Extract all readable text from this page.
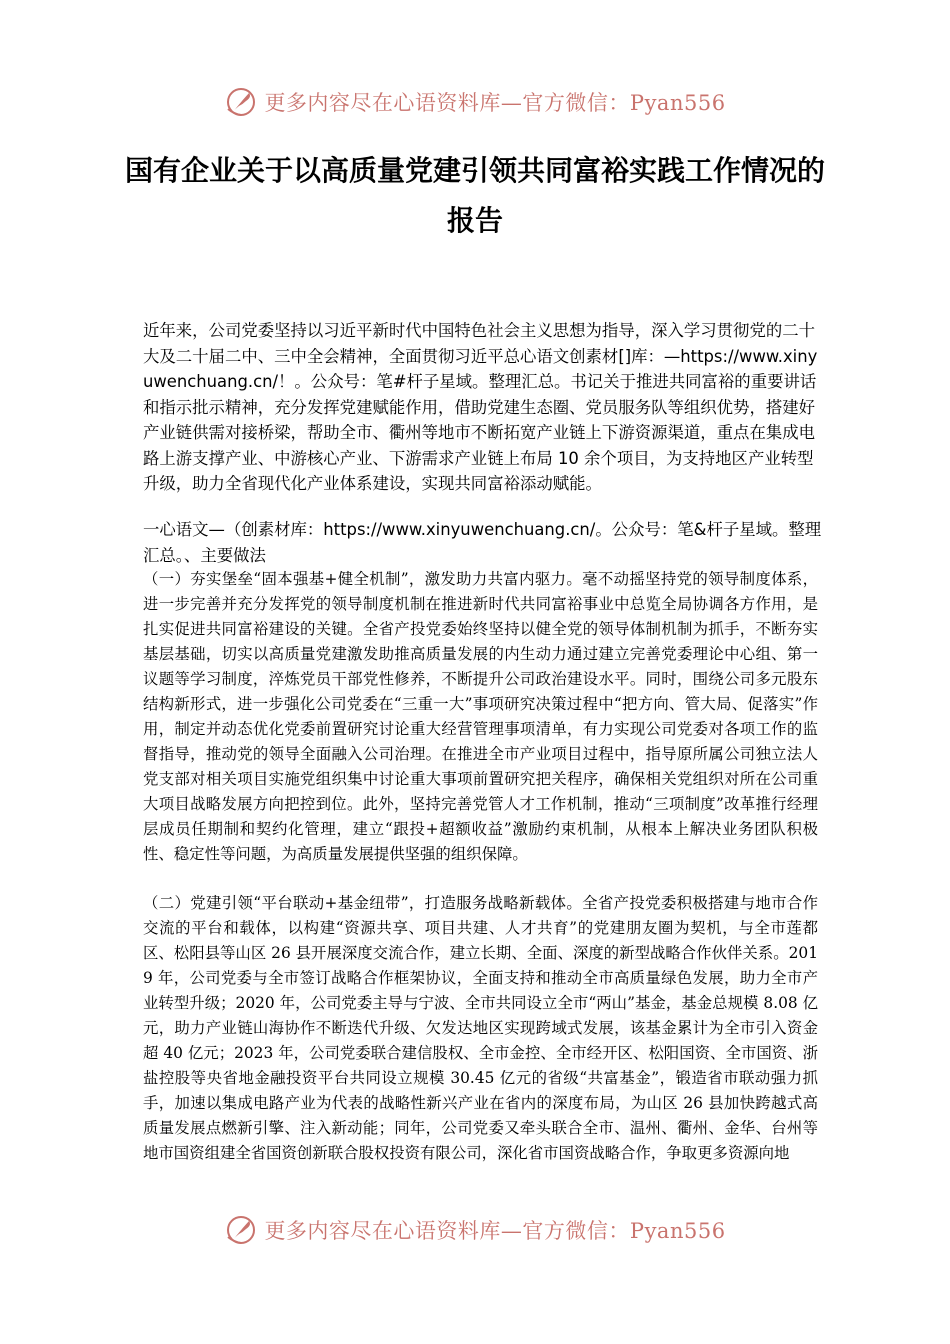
更多内容尽在心语资料库—官方微信：Pyan556
国有企业关于以高质量党建引领共同富裕实践工作情况的报告

近年来，公司党委坚持以习近平新时代中国特色社会主义思想为指导，深入学习贯彻党的二十大及二十届二中、三中全会精神，全面贯彻习近平总心语文创素材[]库：—https://www.xinyuwenchuang.cn/！。公众号：笔#杆子星域。整理汇总。书记关于推进共同富裕的重要讲话和指示批示精神，充分发挥党建赋能作用，借助党建生态圈、党员服务队等组织优势，搭建好产业链供需对接桥梁，帮助全市、衢州等地市不断拓宽产业链上下游资源渠道，重点在集成电路上游支撑产业、中游核心产业、下游需求产业链上布局 10 余个项目，为支持地区产业转型升级，助力全省现代化产业体系建设，实现共同富裕添动赋能。

一心语文—（创素材库：https://www.xinyuwenchuang.cn/。公众号：笔&杆子星域。整理汇总。、主要做法

（一）夯实堡垒“固本强基+健全机制”，激发助力共富内驱力。毫不动摇坚持党的领导制度体系，进一步完善并充分发挥党的领导制度机制在推进新时代共同富裕事业中总览全局协调各方作用，是扎实促进共同富裕建设的关键。全省产投党委始终坚持以健全党的领导体制机制为抓手，不断夯实基层基础，切实以高质量党建激发助推高质量发展的内生动力通过建立完善党委理论中心组、第一议题等学习制度，淬炼党员干部党性修养，不断提升公司政治建设水平。同时，围绕公司多元股东结构新形式，进一步强化公司党委在“三重一大”事项研究决策过程中“把方向、管大局、促落实”作用，制定并动态优化党委前置研究讨论重大经营管理事项清单，有力实现公司党委对各项工作的监督指导，推动党的领导全面融入公司治理。在推进全市产业项目过程中，指导原所属公司独立法人党支部对相关项目实施党组织集中讨论重大事项前置研究把关程序，确保相关党组织对所在公司重大项目战略发展方向把控到位。此外，坚持完善党管人才工作机制，推动“三项制度”改革推行经理层成员任期制和契约化管理，建立“跟投+超额收益”激励约束机制，从根本上解决业务团队积极性、稳定性等问题，为高质量发展提供坚强的组织保障。

（二）党建引领“平台联动+基金纽带”，打造服务战略新载体。全省产投党委积极搭建与地市合作交流的平台和载体，以构建“资源共享、项目共建、人才共育”的党建朋友圈为契机，与全市莲都区、松阳县等山区 26 县开展深度交流合作，建立长期、全面、深度的新型战略合作伙伴关系。2019 年，公司党委与全市签订战略合作框架协议，全面支持和推动全市高质量绿色发展，助力全市产业转型升级；2020 年，公司党委主导与宁波、全市共同设立全市“两山”基金，基金总规模 8.08 亿元，助力产业链山海协作不断迭代升级、欠发达地区实现跨域式发展，该基金累计为全市引入资金超 40 亿元；2023 年，公司党委联合建信股权、全市金控、全市经开区、松阳国资、全市国资、浙盐控股等央省地金融投资平台共同设立规模 30.45 亿元的省级“共富基金”，锻造省市联动强力抓手，加速以集成电路产业为代表的战略性新兴产业在省内的深度布局，为山区 26 县加快跨越式高质量发展点燃新引擎、注入新动能；同年，公司党委又牵头联合全市、温州、衢州、金华、台州等地市国资组建全省国资创新联合股权投资有限公司，深化省市国资战略合作，争取更多资源向地

更多内容尽在心语资料库—官方微信：Pyan556
